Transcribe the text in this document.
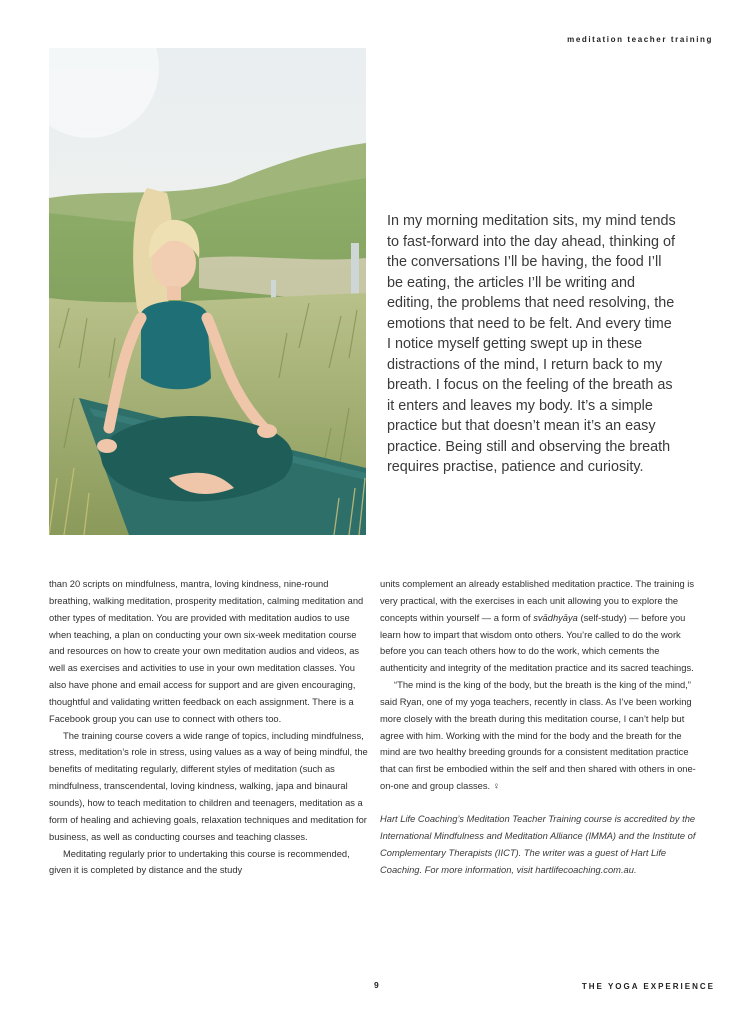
meditation teacher training
In my morning meditation sits, my mind tends to fast-forward into the day ahead, thinking of the conversations I’ll be having, the food I’ll be eating, the articles I’ll be writing and editing, the problems that need resolving, the emotions that need to be felt. And every time I notice myself getting swept up in these distractions of the mind, I return back to my breath. I focus on the feeling of the breath as it enters and leaves my body. It’s a simple practice but that doesn’t mean it’s an easy practice. Being still and observing the breath requires practise, patience and curiosity.

than 20 scripts on mindfulness, mantra, loving kindness, nine-round breathing, walking meditation, prosperity meditation, calming meditation and other types of meditation. You are provided with meditation audios to use when teaching, a plan on conducting your own six-week meditation course and resources on how to create your own meditation audios and videos, as well as exercises and activities to use in your own meditation classes. You also have phone and email access for support and are given encouraging, thoughtful and validating written feedback on each assignment. There is a Facebook group you can use to connect with others too.

The training course covers a wide range of topics, including mindfulness, stress, meditation’s role in stress, using values as a way of being mindful, the benefits of meditating regularly, different styles of meditation (such as mindfulness, transcendental, loving kindness, walking, japa and binaural sounds), how to teach meditation to children and teenagers, meditation as a form of healing and achieving goals, relaxation techniques and meditation for business, as well as conducting courses and teaching classes.

Meditating regularly prior to undertaking this course is recommended, given it is completed by distance and the study

units complement an already established meditation practice. The training is very practical, with the exercises in each unit allowing you to explore the concepts within yourself — a form of svādhyāya (self-study) — before you learn how to impart that wisdom onto others. You’re called to do the work before you can teach others how to do the work, which cements the authenticity and integrity of the meditation practice and its sacred teachings.

“The mind is the king of the body, but the breath is the king of the mind,” said Ryan, one of my yoga teachers, recently in class. As I’ve been working more closely with the breath during this meditation course, I can’t help but agree with him. Working with the mind for the body and the breath for the mind are two healthy breeding grounds for a consistent meditation practice that can first be embodied within the self and then shared with others in one-on-one and group classes. ♀

Hart Life Coaching’s Meditation Teacher Training course is accredited by the International Mindfulness and Meditation Alliance (IMMA) and the Institute of Complementary Therapists (IICT). The writer was a guest of Hart Life Coaching. For more information, visit hartlifecoaching.com.au.

9	THE YOGA EXPERIENCE
